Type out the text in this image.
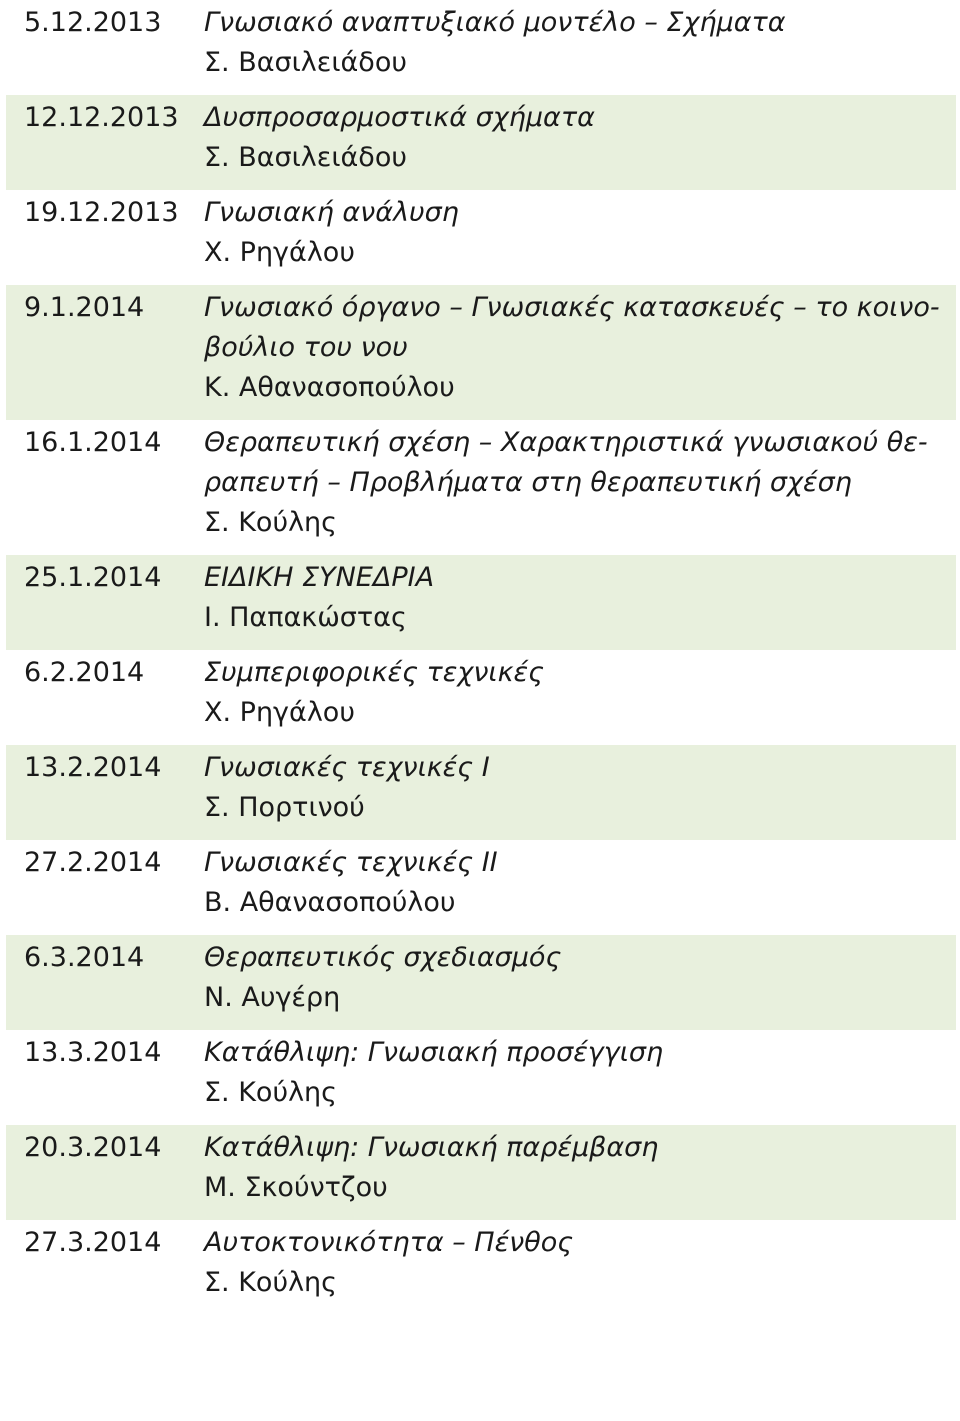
5.12.2013 Γνωσιακό αναπτυξιακό μοντέλο – Σχήματα
Σ. Βασιλειάδου
12.12.2013 Δυσπροσαρμοστικά σχήματα
Σ. Βασιλειάδου
19.12.2013 Γνωσιακή ανάλυση
Χ. Ρηγάλου
9.1.2014 Γνωσιακό όργανο – Γνωσιακές κατασκευές – το κοινο-
βούλιο του νου
Κ. Αθανασοπούλου
16.1.2014 Θεραπευτική σχέση – Χαρακτηριστικά γνωσιακού θε-
ραπευτή – Προβλήματα στη θεραπευτική σχέση
Σ. Κούλης
25.1.2014 ΕΙΔΙΚΗ ΣΥΝΕΔΡΙΑ
Ι. Παπακώστας
6.2.2014 Συμπεριφορικές τεχνικές
Χ. Ρηγάλου
13.2.2014 Γνωσιακές τεχνικές Ι
Σ. Πορτινού
27.2.2014 Γνωσιακές τεχνικές ΙΙ
Β. Αθανασοπούλου
6.3.2014 Θεραπευτικός σχεδιασμός
Ν. Αυγέρη
13.3.2014 Κατάθλιψη: Γνωσιακή προσέγγιση
Σ. Κούλης
20.3.2014 Κατάθλιψη: Γνωσιακή παρέμβαση
Μ. Σκούντζου
27.3.2014 Αυτοκτονικότητα – Πένθος
Σ. Κούλης
